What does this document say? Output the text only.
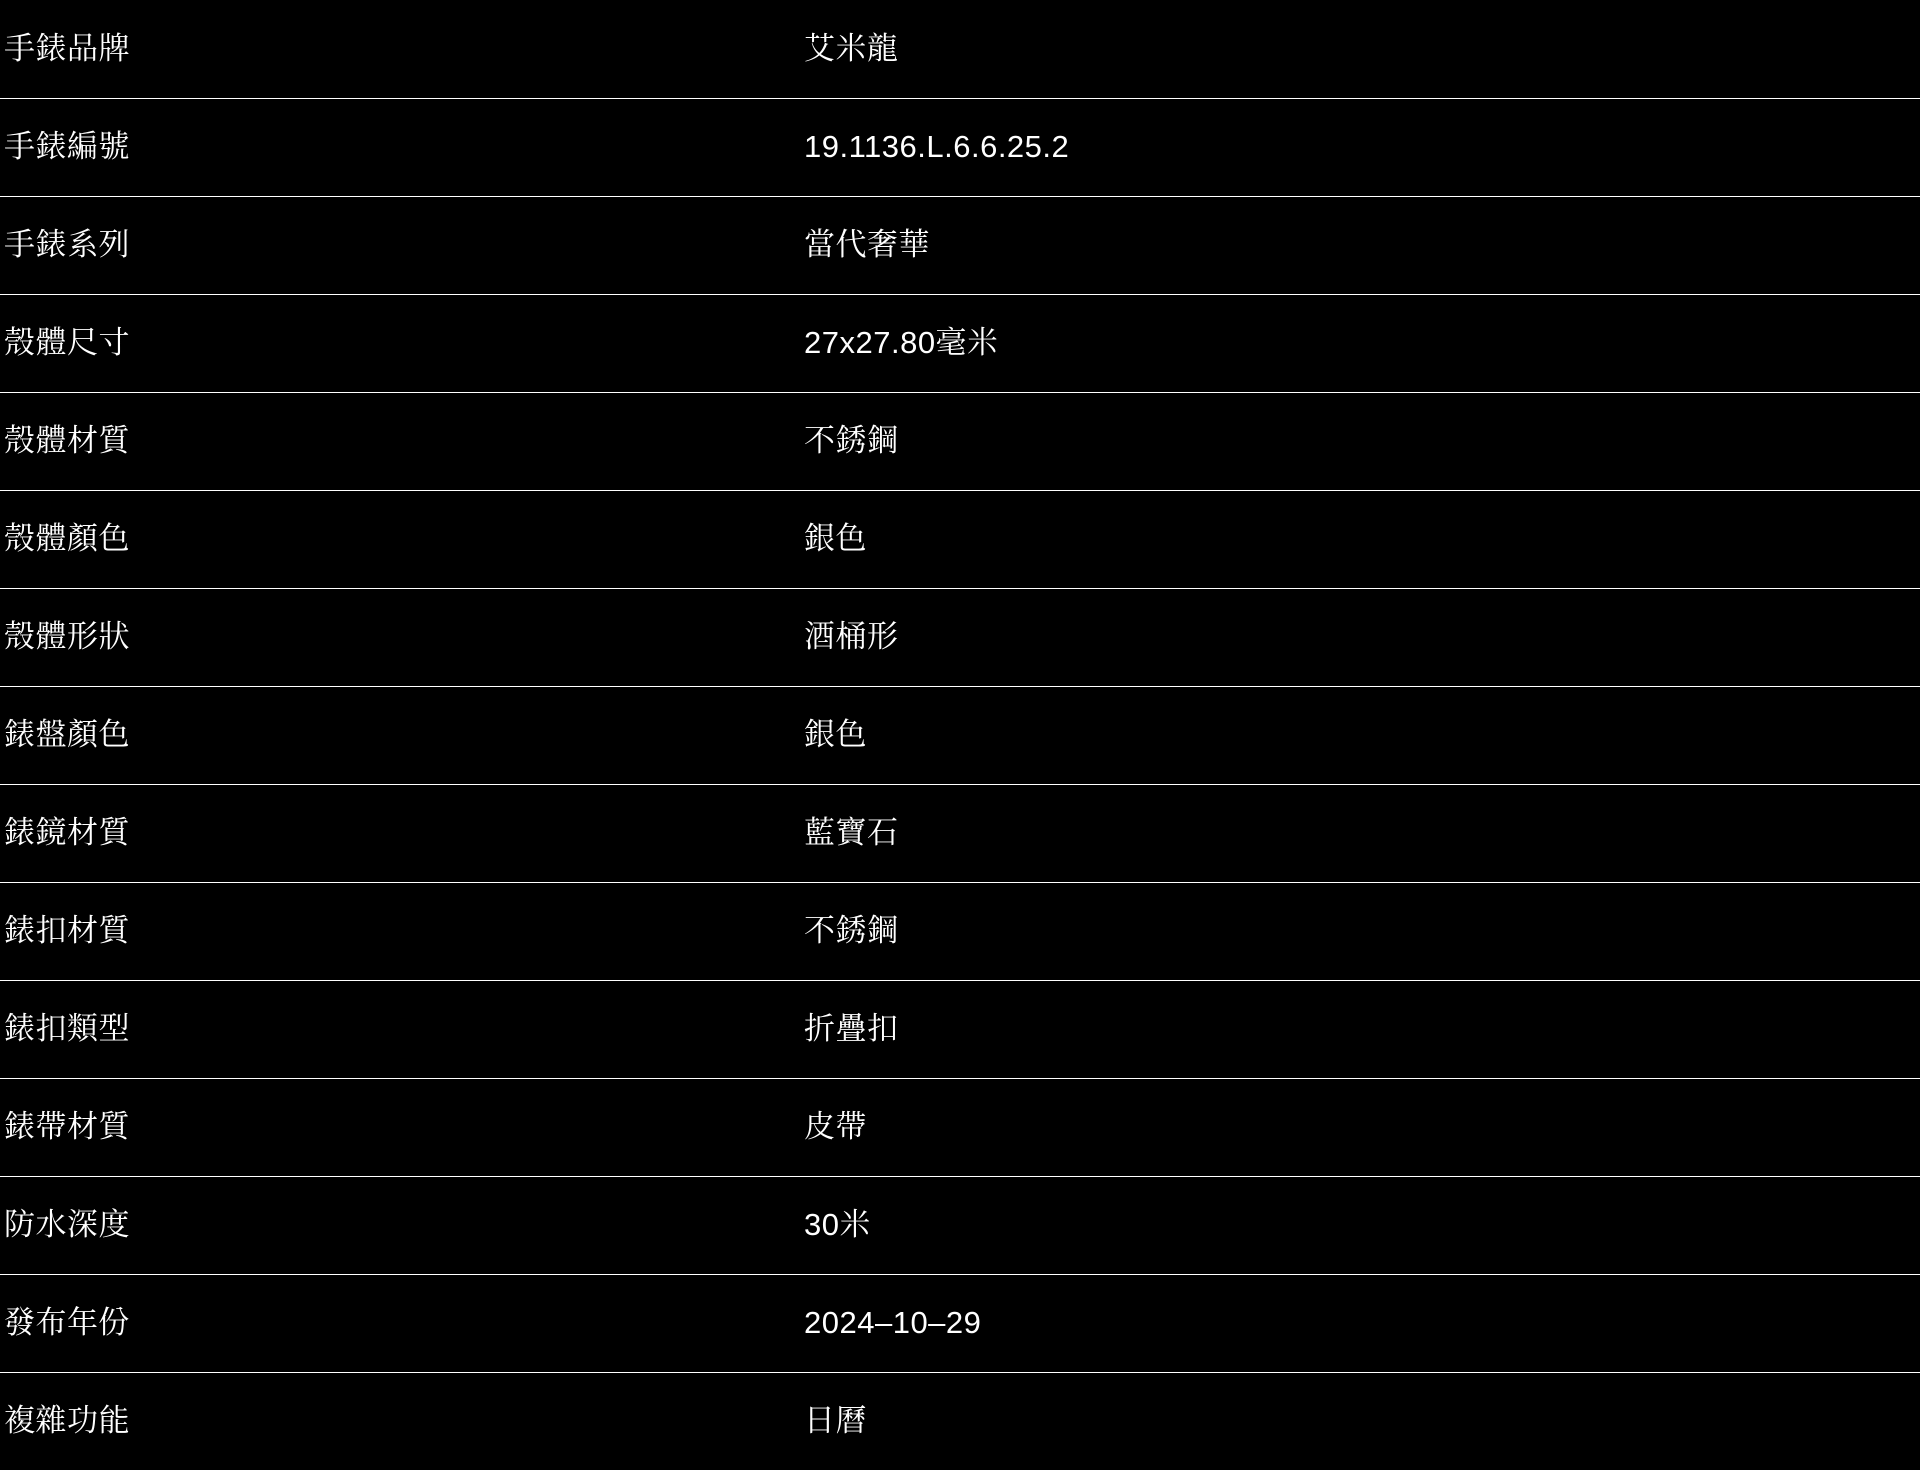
手錶品牌	艾米龍
手錶編號	19.1136.L.6.6.25.2
手錶系列	當代奢華
殼體尺寸	27x27.80毫米
殼體材質	不銹鋼
殼體顏色	銀色
殼體形狀	酒桶形
錶盤顏色	銀色
錶鏡材質	藍寶石
錶扣材質	不銹鋼
錶扣類型	折疊扣
錶帶材質	皮帶
防水深度	30米
發布年份	2024–10–29
複雜功能	日曆
